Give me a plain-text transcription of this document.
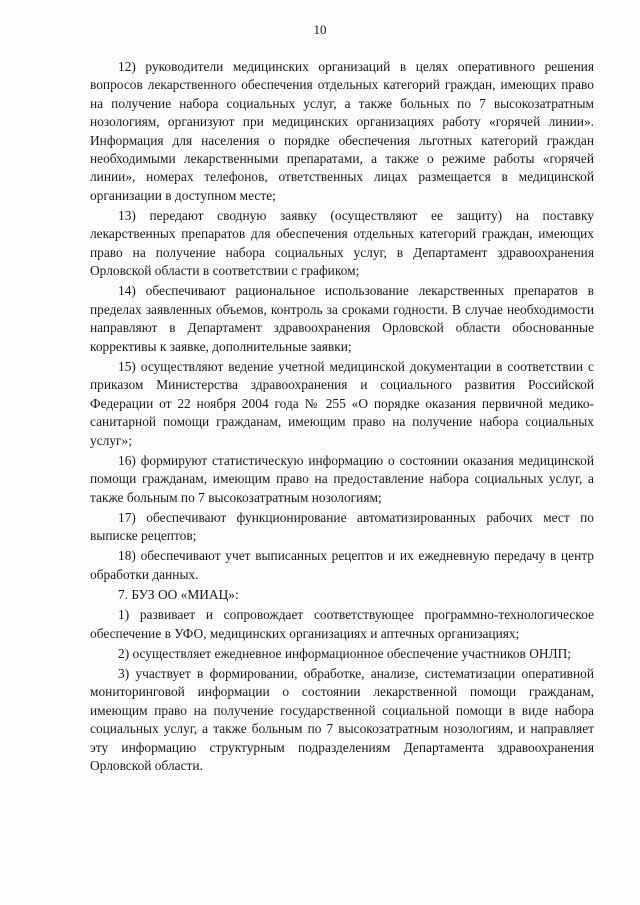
10

12) руководители медицинских организаций в целях оперативного решения вопросов лекарственного обеспечения отдельных категорий граждан, имеющих право на получение набора социальных услуг, а также больных по 7 высокозатратным нозологиям, организуют при медицинских организациях работу «горячей линии». Информация для населения о порядке обеспечения льготных категорий граждан необходимыми лекарственными препаратами, а также о режиме работы «горячей линии», номерах телефонов, ответственных лицах размещается в медицинской организации в доступном месте;

13) передают сводную заявку (осуществляют ее защиту) на поставку лекарственных препаратов для обеспечения отдельных категорий граждан, имеющих право на получение набора социальных услуг, в Департамент здравоохранения Орловской области в соответствии с графиком;

14) обеспечивают рациональное использование лекарственных препаратов в пределах заявленных объемов, контроль за сроками годности. В случае необходимости направляют в Департамент здравоохранения Орловской области обоснованные коррективы к заявке, дополнительные заявки;

15) осуществляют ведение учетной медицинской документации в соответствии с приказом Министерства здравоохранения и социального развития Российской Федерации от 22 ноября 2004 года № 255 «О порядке оказания первичной медико-санитарной помощи гражданам, имеющим право на получение набора социальных услуг»;

16) формируют статистическую информацию о состоянии оказания медицинской помощи гражданам, имеющим право на предоставление набора социальных услуг, а также больным по 7 высокозатратным нозологиям;

17) обеспечивают функционирование автоматизированных рабочих мест по выписке рецептов;

18) обеспечивают учет выписанных рецептов и их ежедневную передачу в центр обработки данных.

7. БУЗ ОО «МИАЦ»:

1) развивает и сопровождает соответствующее программно-технологическое обеспечение в УФО, медицинских организациях и аптечных организациях;

2) осуществляет ежедневное информационное обеспечение участников ОНЛП;

3) участвует в формировании, обработке, анализе, систематизации оперативной мониторинговой информации о состоянии лекарственной помощи гражданам, имеющим право на получение государственной социальной помощи в виде набора социальных услуг, а также больным по 7 высокозатратным нозологиям, и направляет эту информацию структурным подразделениям Департамента здравоохранения Орловской области.
